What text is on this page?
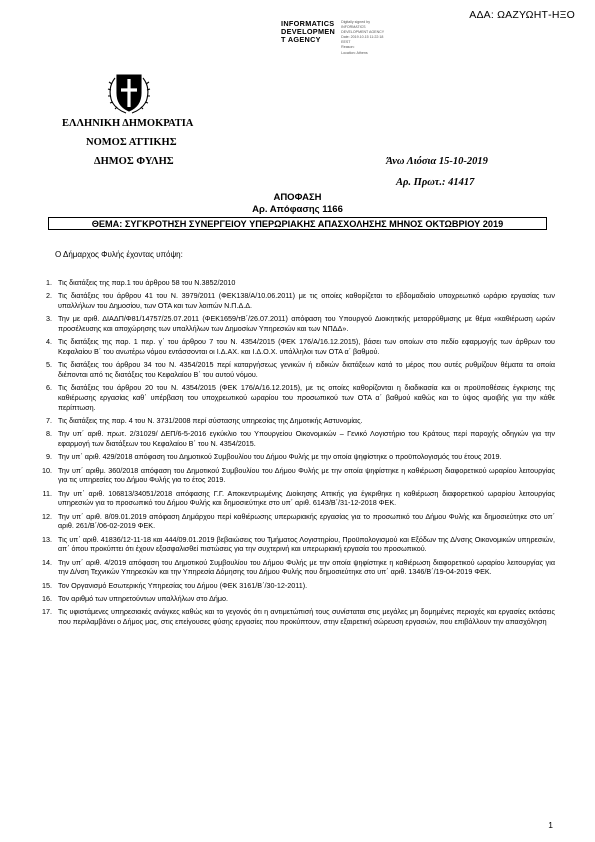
ΑΔΑ: ΩΑΖΥΩΗΤ-ΗΞΟ
INFORMATICS
DEVELOPMEN
T AGENCY
Digitally signed by
INFORMATICS
DEVELOPMENT AGENCY
Date: 2019.10.15 11:22:18
EEST
Reason:
Location: Athens
ΕΛΛΗΝΙΚΗ ΔΗΜΟΚΡΑΤΙΑ
ΝΟΜΟΣ ΑΤΤΙΚΗΣ
ΔΗΜΟΣ ΦΥΛΗΣ	Άνω Λιόσια 15-10-2019
Αρ. Πρωτ.: 41417
ΑΠΟΦΑΣΗ
Αρ. Απόφασης 1166
ΘΕΜΑ: ΣΥΓΚΡΟΤΗΣΗ ΣΥΝΕΡΓΕΙΟΥ ΥΠΕΡΩΡΙΑΚΗΣ ΑΠΑΣΧΟΛΗΣΗΣ ΜΗΝΟΣ ΟΚΤΩΒΡΙΟΥ 2019
Ο Δήμαρχος Φυλής έχοντας υπόψη:
1. Τις διατάξεις της παρ.1 του άρθρου 58 του Ν.3852/2010
2. Τις διατάξεις του άρθρου 41 του Ν. 3979/2011 (ΦΕΚ138/Α/10.06.2011) με τις οποίες καθορίζεται το εβδομαδιαίο υποχρεωτικό ωράριο εργασίας των υπαλλήλων του Δημοσίου, των ΟΤΑ και των λοιπών Ν.Π.Δ.Δ.
3. Την με αριθ. ΔΙΑΔΠ/Φ81/14757/25.07.2011 (ΦΕΚ1659/τΒ΄/26.07.2011) απόφαση του Υπουργού Διοικητικής μεταρρύθμισης με θέμα «καθιέρωση ωρών προσέλευσης και αποχώρησης των υπαλλήλων των Δημοσίων Υπηρεσιών και των ΝΠΔΔ».
4. Τις διατάξεις της παρ. 1 περ. γ΄ του άρθρου 7 του Ν. 4354/2015 (ΦΕΚ 176/Α/16.12.2015), βάσει των οποίων στο πεδίο εφαρμογής των άρθρων του Κεφαλαίου Β΄ του ανωτέρω νόμου εντάσσονται οι Ι.Δ.ΑΧ. και Ι.Δ.Ο.Χ. υπάλληλοι των ΟΤΑ α΄ βαθμού.
5. Τις διατάξεις του άρθρου 34 του Ν. 4354/2015 περί καταργήσεως γενικών ή ειδικών διατάξεων κατά το μέρος που αυτές ρυθμίζουν θέματα τα οποία διέπονται από τις διατάξεις του Κεφαλαίου Β΄ του αυτού νόμου.
6. Τις διατάξεις του άρθρου 20 του Ν. 4354/2015 (ΦΕΚ 176/Α/16.12.2015), με τις οποίες καθορίζονται η διαδικασία και οι προϋποθέσεις έγκρισης της καθιέρωσης εργασίας καθ΄ υπέρβαση του υποχρεωτικού ωραρίου του προσωπικού των ΟΤΑ α΄ βαθμού καθώς και το ύψος αμοιβής για την κάθε περίπτωση.
7. Τις διατάξεις της παρ. 4 του Ν. 3731/2008 περί σύστασης υπηρεσίας της Δημοτικής Αστυνομίας.
8. Την υπ΄ αριθ. πρωτ. 2/31029/ ΔΕΠ/6-5-2016 εγκύκλιο του Υπουργείου Οικονομικών – Γενικό Λογιστήριο του Κράτους περί παροχής οδηγιών για την εφαρμογή των διατάξεων του Κεφαλαίου Β΄ του Ν. 4354/2015.
9. Την υπ΄ αριθ. 429/2018 απόφαση του Δημοτικού Συμβουλίου του Δήμου Φυλής με την οποία ψηφίστηκε ο προϋπολογισμός του έτους 2019.
10. Την υπ΄ αριθμ. 360/2018 απόφαση του Δημοτικού Συμβουλίου του Δήμου Φυλής με την οποία ψηφίστηκε η καθιέρωση διαφορετικού ωραρίου λειτουργίας για τις υπηρεσίες του Δήμου Φυλής για το έτος 2019.
11. Την υπ΄ αριθ. 106813/34051/2018 απόφασης Γ.Γ. Αποκεντρωμένης Διοίκησης Αττικής για έγκριθηκε η καθιέρωση διαφορετικού ωραρίου λειτουργίας υπηρεσιών για το προσωπικό του Δήμου Φυλής και δημοσιεύτηκε στο υπ΄ αριθ. 6143/Β΄/31-12-2018 ΦΕΚ.
12. Την υπ΄ αριθ. 8/09.01.2019 απόφαση Δημάρχου περί καθιέρωσης υπερωριακής εργασίας για το προσωπικό του Δήμου Φυλής και δημοσιεύτηκε στο υπ΄ αριθ. 261/Β΄/06-02-2019 ΦΕΚ.
13. Τις υπ΄ αριθ. 41836/12-11-18 και 444/09.01.2019 βεβαιώσεις του Τμήματος Λογιστηρίου, Προϋπολογισμού και Εξόδων της Δ/νσης Οικονομικών υπηρεσιών, απ΄ όπου προκύπτει ότι έχουν εξασφαλισθεί πιστώσεις για την συχτερινή και υπερωριακή εργασία του προσωπικού.
14. Την υπ΄ αριθ. 4/2019 απόφαση του Δημοτικού Συμβουλίου του Δήμου Φυλής με την οποία ψηφίστηκε η καθιέρωση διαφορετικού ωραρίου λειτουργίας για την Δ/νση Τεχνικών Υπηρεσιών και την Υπηρεσία Δόμησης του Δήμου Φυλής που δημοσιεύτηκε στο υπ΄ αριθ. 1346/Β΄/19-04-2019 ΦΕΚ.
15. Τον Οργανισμό Εσωτερικής Υπηρεσίας του Δήμου (ΦΕΚ 3161/Β΄/30-12-2011).
16. Τον αριθμό των υπηρετούντων υπαλλήλων στο Δήμο.
17. Τις υφιστάμενες υπηρεσιακές ανάγκες καθώς και το γεγονός ότι η αντιμετώπισή τους συνίσταται στις μεγάλες μη δομημένες περιοχές και εργασίες εκτάσεις που περιλαμβάνει ο Δήμος μας, στις επείγουσες φύσης εργασίες που προκύπτουν, στην εξαιρετική σώρευση εργασιών, που επιβάλλουν την απασχόληση
1
